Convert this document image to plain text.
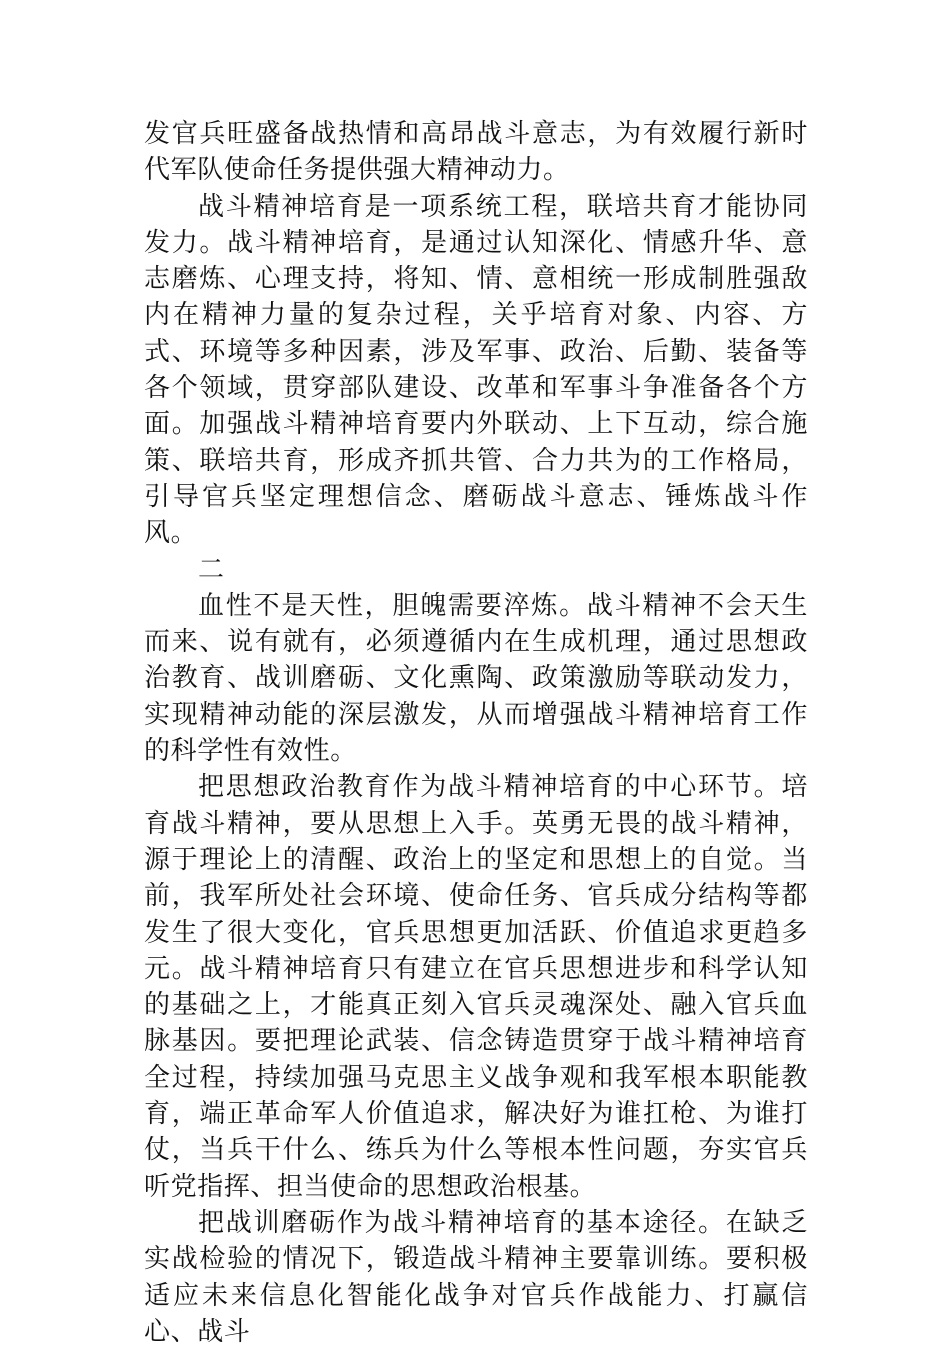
发官兵旺盛备战热情和高昂战斗意志，为有效履行新时代军队使命任务提供强大精神动力。

战斗精神培育是一项系统工程，联培共育才能协同发力。战斗精神培育，是通过认知深化、情感升华、意志磨炼、心理支持，将知、情、意相统一形成制胜强敌内在精神力量的复杂过程，关乎培育对象、内容、方式、环境等多种因素，涉及军事、政治、后勤、装备等各个领域，贯穿部队建设、改革和军事斗争准备各个方面。加强战斗精神培育要内外联动、上下互动，综合施策、联培共育，形成齐抓共管、合力共为的工作格局，引导官兵坚定理想信念、磨砺战斗意志、锤炼战斗作风。

二

血性不是天性，胆魄需要淬炼。战斗精神不会天生而来、说有就有，必须遵循内在生成机理，通过思想政治教育、战训磨砺、文化熏陶、政策激励等联动发力，实现精神动能的深层激发，从而增强战斗精神培育工作的科学性有效性。

把思想政治教育作为战斗精神培育的中心环节。培育战斗精神，要从思想上入手。英勇无畏的战斗精神，源于理论上的清醒、政治上的坚定和思想上的自觉。当前，我军所处社会环境、使命任务、官兵成分结构等都发生了很大变化，官兵思想更加活跃、价值追求更趋多元。战斗精神培育只有建立在官兵思想进步和科学认知的基础之上，才能真正刻入官兵灵魂深处、融入官兵血脉基因。要把理论武装、信念铸造贯穿于战斗精神培育全过程，持续加强马克思主义战争观和我军根本职能教育，端正革命军人价值追求，解决好为谁扛枪、为谁打仗，当兵干什么、练兵为什么等根本性问题，夯实官兵听党指挥、担当使命的思想政治根基。

把战训磨砺作为战斗精神培育的基本途径。在缺乏实战检验的情况下，锻造战斗精神主要靠训练。要积极适应未来信息化智能化战争对官兵作战能力、打赢信心、战斗
